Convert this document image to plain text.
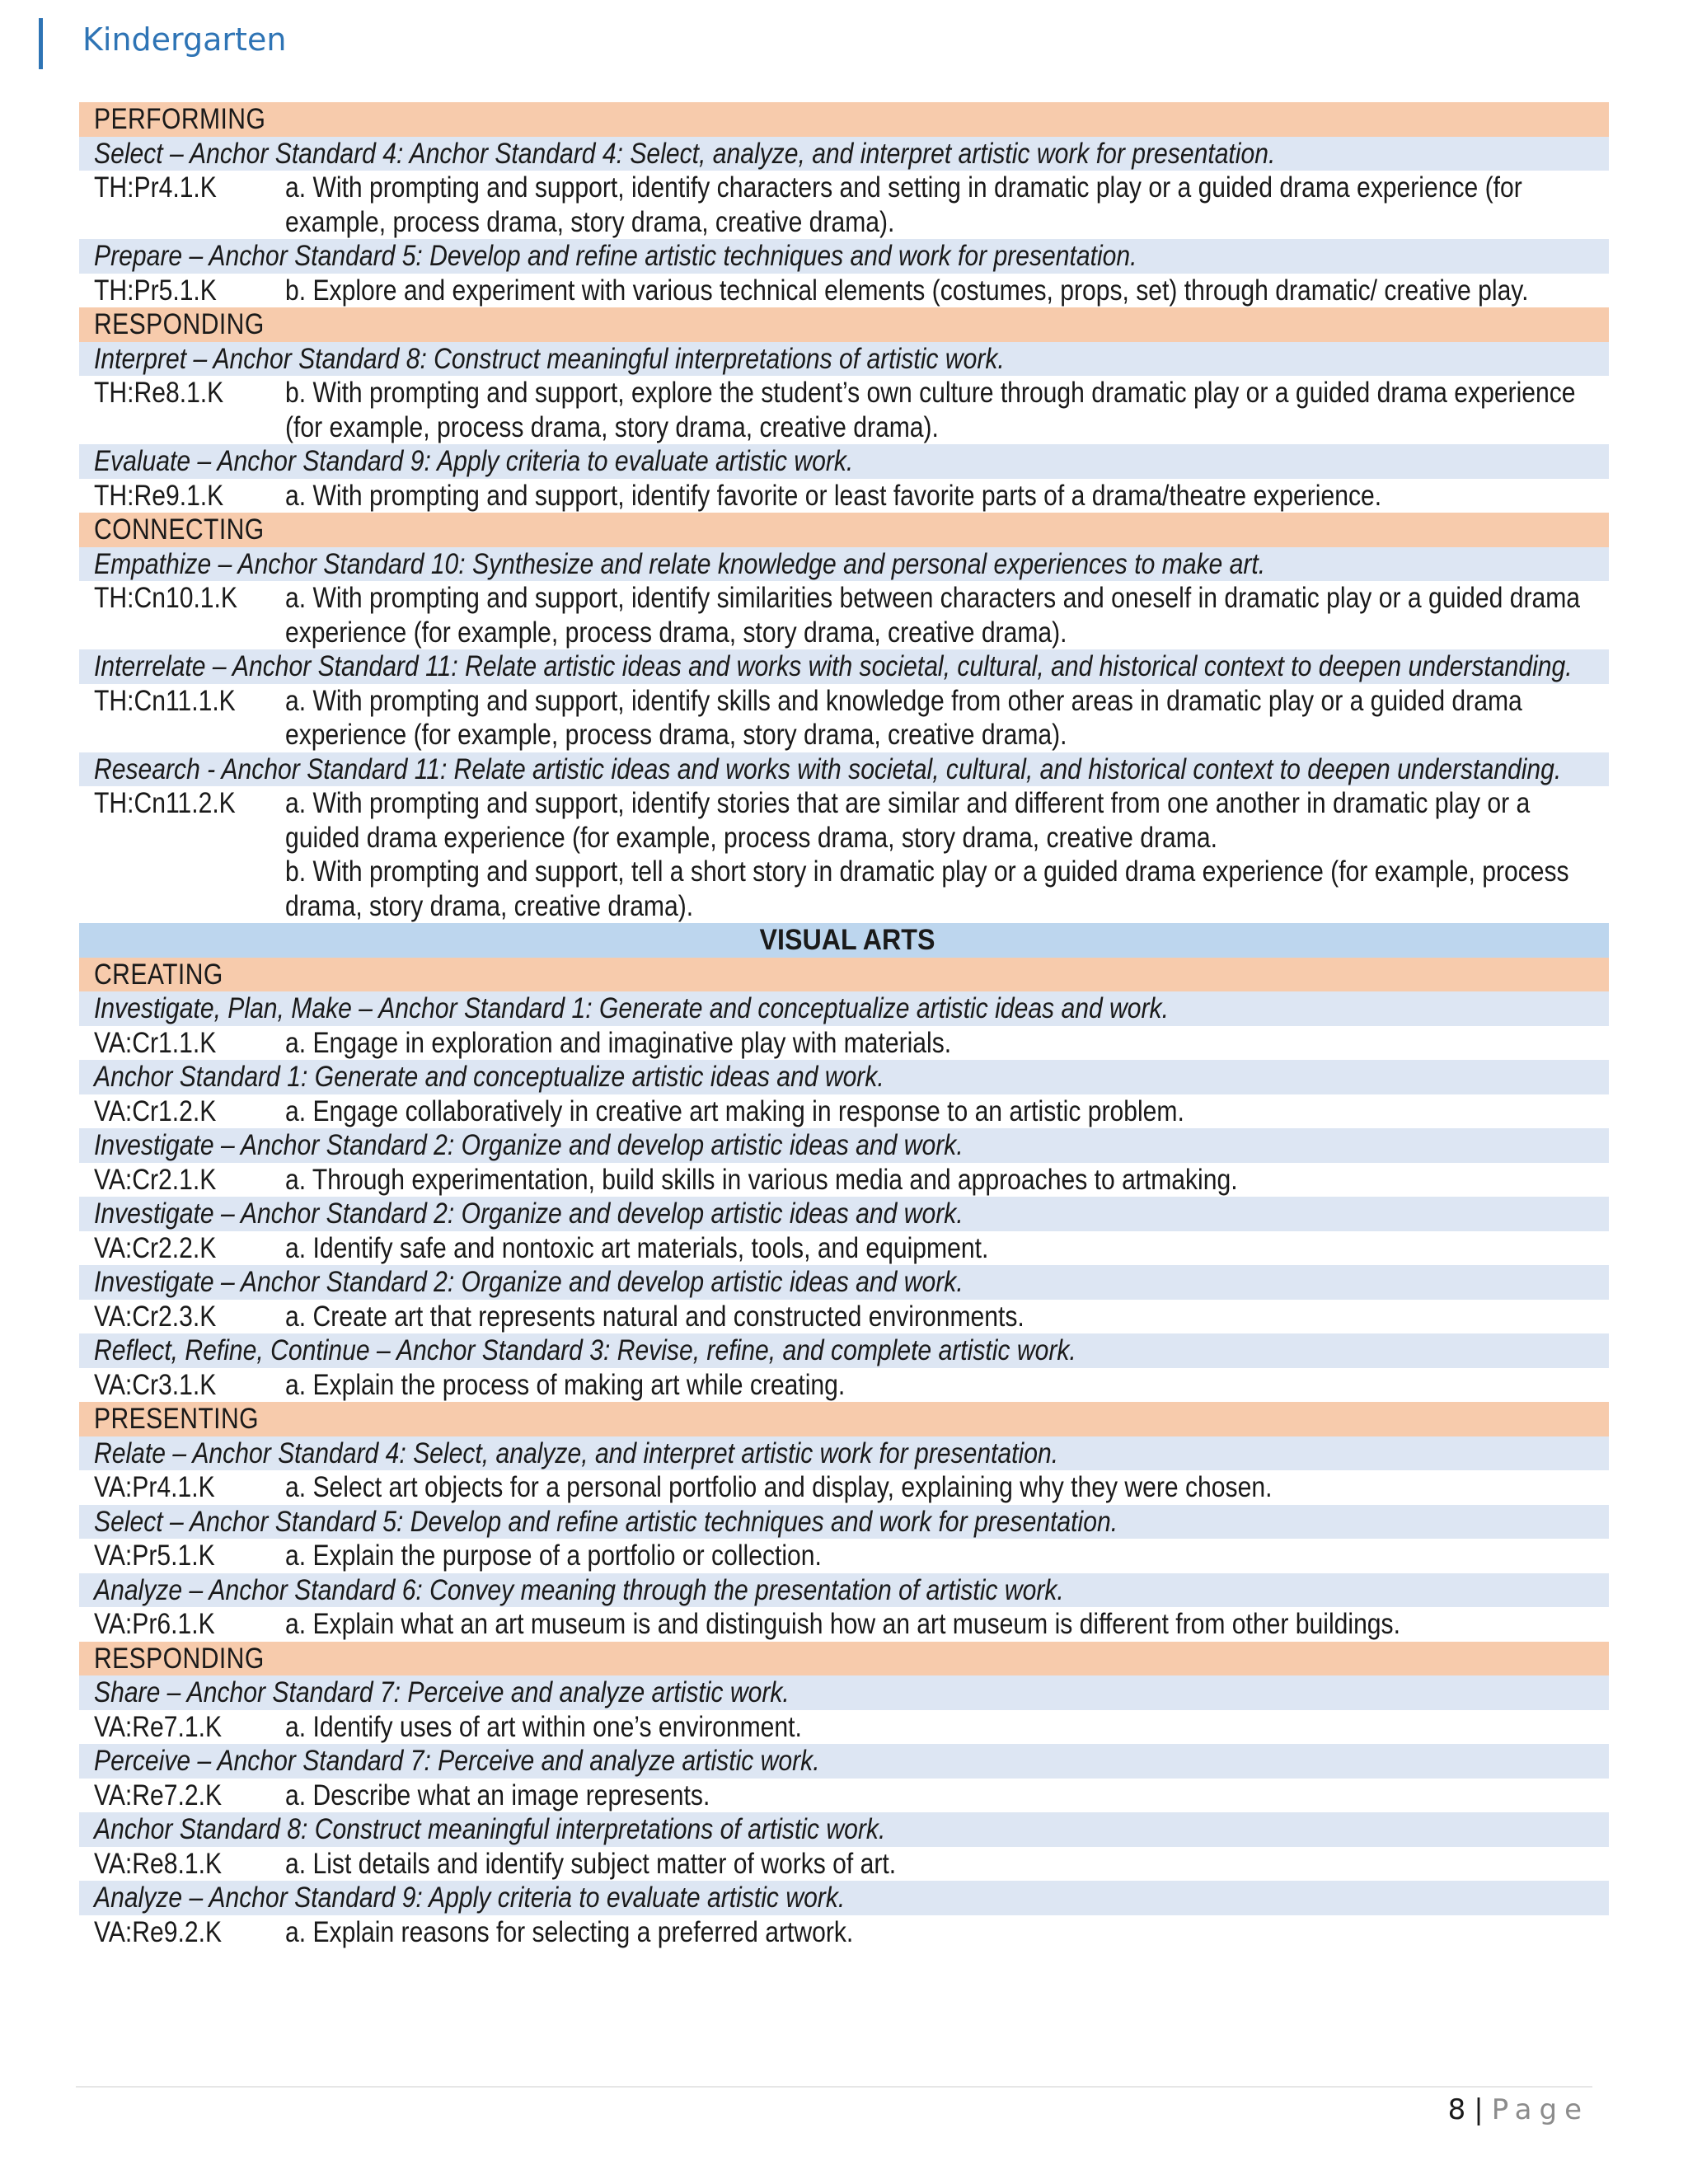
Kindergarten
PERFORMING
Select – Anchor Standard 4: Anchor Standard 4: Select, analyze, and interpret artistic work for presentation.
TH:Pr4.1.K	a. With prompting and support, identify characters and setting in dramatic play or a guided drama experience (for example, process drama, story drama, creative drama).
Prepare – Anchor Standard 5: Develop and refine artistic techniques and work for presentation.
TH:Pr5.1.K	b. Explore and experiment with various technical elements (costumes, props, set) through dramatic/ creative play.
RESPONDING
Interpret – Anchor Standard 8: Construct meaningful interpretations of artistic work.
TH:Re8.1.K	b. With prompting and support, explore the student’s own culture through dramatic play or a guided drama experience (for example, process drama, story drama, creative drama).
Evaluate – Anchor Standard 9: Apply criteria to evaluate artistic work.
TH:Re9.1.K	a. With prompting and support, identify favorite or least favorite parts of a drama/theatre experience.
CONNECTING
Empathize – Anchor Standard 10: Synthesize and relate knowledge and personal experiences to make art.
TH:Cn10.1.K	a. With prompting and support, identify similarities between characters and oneself in dramatic play or a guided drama experience (for example, process drama, story drama, creative drama).
Interrelate – Anchor Standard 11: Relate artistic ideas and works with societal, cultural, and historical context to deepen understanding.
TH:Cn11.1.K	a. With prompting and support, identify skills and knowledge from other areas in dramatic play or a guided drama experience (for example, process drama, story drama, creative drama).
Research - Anchor Standard 11: Relate artistic ideas and works with societal, cultural, and historical context to deepen understanding.
TH:Cn11.2.K	a. With prompting and support, identify stories that are similar and different from one another in dramatic play or a guided drama experience (for example, process drama, story drama, creative drama.
b. With prompting and support, tell a short story in dramatic play or a guided drama experience (for example, process drama, story drama, creative drama).
VISUAL ARTS
CREATING
Investigate, Plan, Make – Anchor Standard 1: Generate and conceptualize artistic ideas and work.
VA:Cr1.1.K	a. Engage in exploration and imaginative play with materials.
Anchor Standard 1: Generate and conceptualize artistic ideas and work.
VA:Cr1.2.K	a. Engage collaboratively in creative art making in response to an artistic problem.
Investigate – Anchor Standard 2: Organize and develop artistic ideas and work.
VA:Cr2.1.K	a. Through experimentation, build skills in various media and approaches to artmaking.
Investigate – Anchor Standard 2: Organize and develop artistic ideas and work.
VA:Cr2.2.K	a. Identify safe and nontoxic art materials, tools, and equipment.
Investigate – Anchor Standard 2: Organize and develop artistic ideas and work.
VA:Cr2.3.K	a. Create art that represents natural and constructed environments.
Reflect, Refine, Continue – Anchor Standard 3: Revise, refine, and complete artistic work.
VA:Cr3.1.K	a. Explain the process of making art while creating.
PRESENTING
Relate – Anchor Standard 4: Select, analyze, and interpret artistic work for presentation.
VA:Pr4.1.K	a. Select art objects for a personal portfolio and display, explaining why they were chosen.
Select – Anchor Standard 5: Develop and refine artistic techniques and work for presentation.
VA:Pr5.1.K	a. Explain the purpose of a portfolio or collection.
Analyze – Anchor Standard 6: Convey meaning through the presentation of artistic work.
VA:Pr6.1.K	a. Explain what an art museum is and distinguish how an art museum is different from other buildings.
RESPONDING
Share – Anchor Standard 7: Perceive and analyze artistic work.
VA:Re7.1.K	a. Identify uses of art within one’s environment.
Perceive – Anchor Standard 7: Perceive and analyze artistic work.
VA:Re7.2.K	a. Describe what an image represents.
Anchor Standard 8: Construct meaningful interpretations of artistic work.
VA:Re8.1.K	a. List details and identify subject matter of works of art.
Analyze – Anchor Standard 9: Apply criteria to evaluate artistic work.
VA:Re9.2.K	a. Explain reasons for selecting a preferred artwork.
8 | Page
